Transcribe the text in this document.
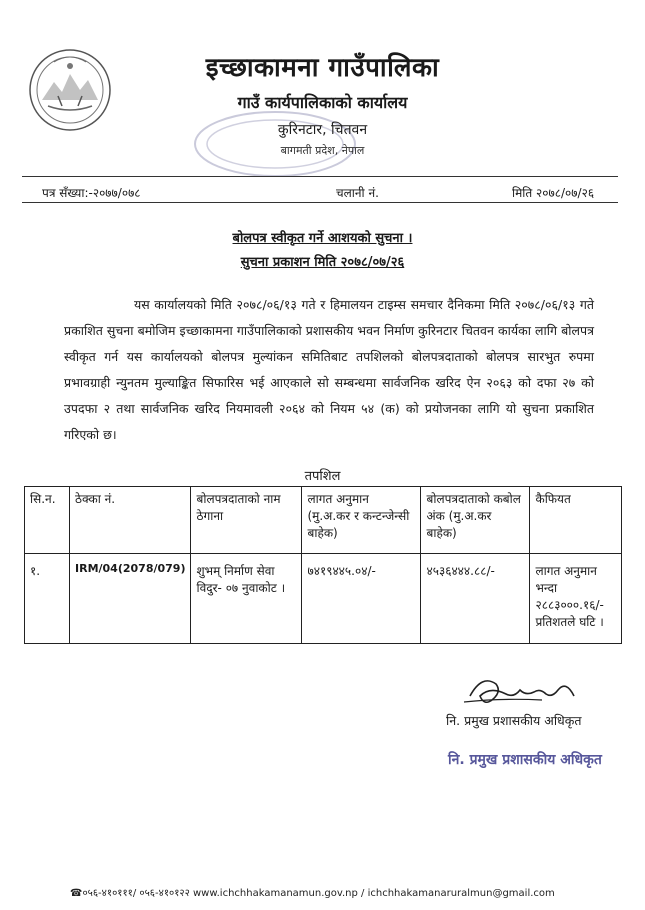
इच्छाकामना गाउँपालिका
गाउँ कार्यपालिकाको कार्यालय
कुरिनटार, चितवन
बागमती प्रदेश, नेपाल
पत्र सँख्या:-२०७७/०७८	चलानी नं.	मिति २०७८/०७/२६
बोलपत्र स्वीकृत गर्ने आशयको सुचना ।
सुचना प्रकाशन मिति २०७८/०७/२६
यस कार्यालयको मिति २०७८/०६/१३ गते र हिमालयन टाइम्स समचार दैनिकमा मिति २०७८/०६/१३ गते प्रकाशित सुचना बमोजिम इच्छाकामना गाउँपालिकाको प्रशासकीय भवन निर्माण कुरिनटार चितवन कार्यका लागि बोलपत्र स्वीकृत गर्न यस कार्यालयको बोलपत्र मुल्यांकन समितिबाट तपशिलको बोलपत्रदाताको बोलपत्र सारभुत रुपमा प्रभावग्राही न्युनतम मुल्याङ्कित सिफारिस भई आएकाले सो सम्बन्धमा सार्वजनिक खरिद ऐन २०६३ को दफा २७ को उपदफा २ तथा सार्वजनिक खरिद नियमावली २०६४ को नियम ५४ (क) को प्रयोजनका लागि यो सुचना प्रकाशित गरिएको छ।
तपशिल
सि.न.	ठेक्का नं.	बोलपत्रदाताको नाम ठेगाना	लागत अनुमान (मु.अ.कर र कन्टन्जेन्सी बाहेक)	बोलपत्रदाताको कबोल अंक (मु.अ.कर बाहेक)	कैफियत
१.	IRM/04(2078/079)	शुभम् निर्माण सेवा विदुर- ०७ नुवाकोट ।	७४१९४४५.०४/-	४५३६४४४.८८/-	लागत अनुमान भन्दा २८८३०००.१६/- प्रतिशतले घटि ।
नि. प्रमुख प्रशासकीय अधिकृत
नि. प्रमुख प्रशासकीय अधिकृत
☎०५६-४१०१११/ ०५६-४१०१२२ www.ichchhakamanamun.gov.np / ichchhakamanaruralmun@gmail.com
